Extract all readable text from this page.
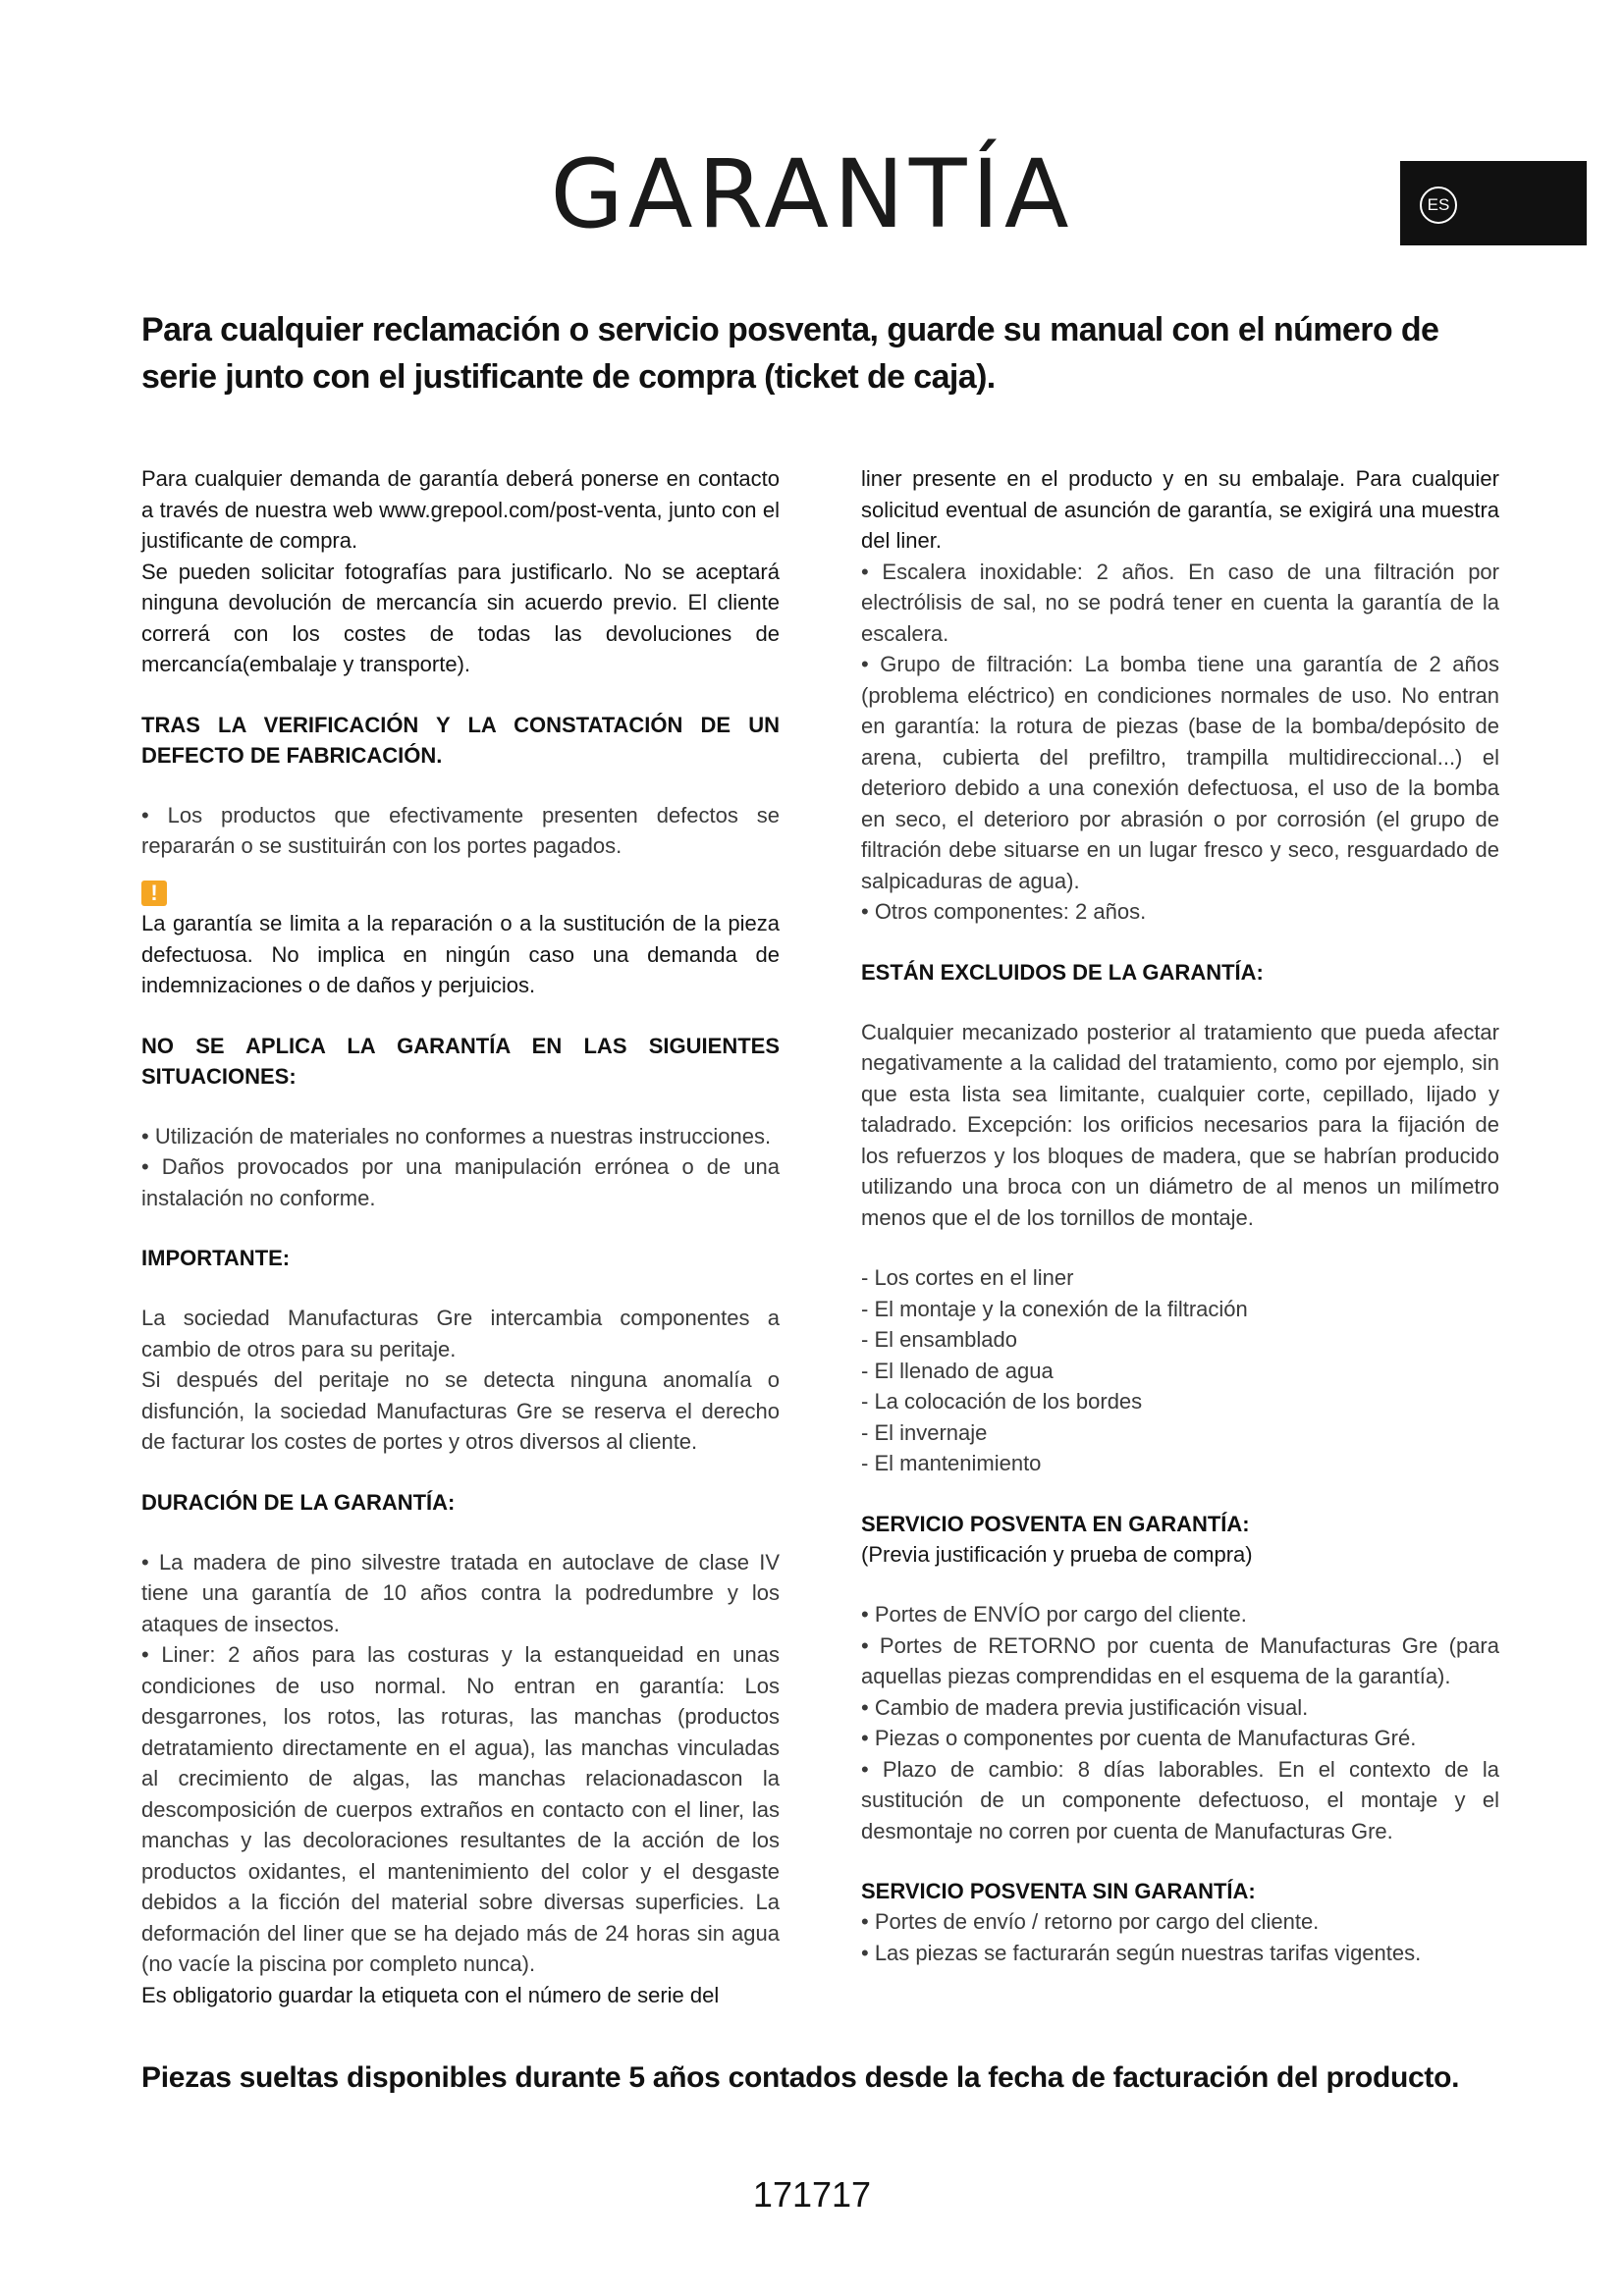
GARANTÍA	ES

Para cualquier reclamación o servicio posventa, guarde su manual con el número de serie junto con el justificante de compra (ticket de caja).

Para cualquier demanda de garantía deberá ponerse en contacto a través de nuestra web www.grepool.com/post-venta, junto con el justificante de compra.

Se pueden solicitar fotografías para justificarlo. No se aceptará ninguna devolución de mercancía sin acuerdo previo. El cliente correrá con los costes de todas las devoluciones de mercancía(embalaje y transporte).

TRAS LA VERIFICACIÓN Y LA CONSTATACIÓN DE UN DEFECTO DE FABRICACIÓN.

• Los productos que efectivamente presenten defectos se repararán o se sustituirán con los portes pagados.

!

La garantía se limita a la reparación o a la sustitución de la pieza defectuosa. No implica en ningún caso una demanda de indemnizaciones o de daños y perjuicios.

NO SE APLICA LA GARANTÍA EN LAS SIGUIENTES SITUACIONES:

• Utilización de materiales no conformes a nuestras instrucciones.

• Daños provocados por una manipulación errónea o de una instalación no conforme.

IMPORTANTE:

La sociedad Manufacturas Gre intercambia componentes a cambio de otros para su peritaje.

Si después del peritaje no se detecta ninguna anomalía o disfunción, la sociedad Manufacturas Gre se reserva el derecho de facturar los costes de portes y otros diversos al cliente.

DURACIÓN DE LA GARANTÍA:

• La madera de pino silvestre tratada en autoclave de clase IV tiene una garantía de 10 años contra la podredumbre y los ataques de insectos.

• Liner: 2 años para las costuras y la estanqueidad en unas condiciones de uso normal. No entran en garantía: Los desgarrones, los rotos, las roturas, las manchas (productos detratamiento directamente en el agua), las manchas vinculadas al crecimiento de algas, las manchas relacionadascon la descomposición de cuerpos extraños en contacto con el liner, las manchas y las decoloraciones resultantes de la acción de los productos oxidantes, el mantenimiento del color y el desgaste debidos a la ficción del material sobre diversas superficies. La deformación del liner que se ha dejado más de 24 horas sin agua (no vacíe la piscina por completo nunca).

Es obligatorio guardar la etiqueta con el número de serie del

liner presente en el producto y en su embalaje. Para cualquier solicitud eventual de asunción de garantía, se exigirá una muestra del liner.

• Escalera inoxidable: 2 años. En caso de una filtración por electrólisis de sal, no se podrá tener en cuenta la garantía de la escalera.

• Grupo de filtración: La bomba tiene una garantía de 2 años (problema eléctrico) en condiciones normales de uso. No entran en garantía: la rotura de piezas (base de la bomba/depósito de arena, cubierta del prefiltro, trampilla multidireccional...) el deterioro debido a una conexión defectuosa, el uso de la bomba en seco, el deterioro por abrasión o por corrosión (el grupo de filtración debe situarse en un lugar fresco y seco, resguardado de salpicaduras de agua).

• Otros componentes: 2 años.

ESTÁN EXCLUIDOS DE LA GARANTÍA:

Cualquier mecanizado posterior al tratamiento que pueda afectar negativamente a la calidad del tratamiento, como por ejemplo, sin que esta lista sea limitante, cualquier corte, cepillado, lijado y taladrado. Excepción: los orificios necesarios para la fijación de los refuerzos y los bloques de madera, que se habrían producido utilizando una broca con un diámetro de al menos un milímetro menos que el de los tornillos de montaje.

- Los cortes en el liner

- El montaje y la conexión de la filtración

- El ensamblado

- El llenado de agua

- La colocación de los bordes

- El invernaje

- El mantenimiento

SERVICIO POSVENTA EN GARANTÍA:

(Previa justificación y prueba de compra)

• Portes de ENVÍO por cargo del cliente.

• Portes de RETORNO por cuenta de Manufacturas Gre (para aquellas piezas comprendidas en el esquema de la garantía).

• Cambio de madera previa justificación visual.

• Piezas o componentes por cuenta de Manufacturas Gré.

• Plazo de cambio: 8 días laborables. En el contexto de la sustitución de un componente defectuoso, el montaje y el desmontaje no corren por cuenta de Manufacturas Gre.

SERVICIO POSVENTA SIN GARANTÍA:

• Portes de envío / retorno por cargo del cliente.

• Las piezas se facturarán según nuestras tarifas vigentes.

Piezas sueltas disponibles durante 5 años contados desde la fecha de facturación del producto.

171717
